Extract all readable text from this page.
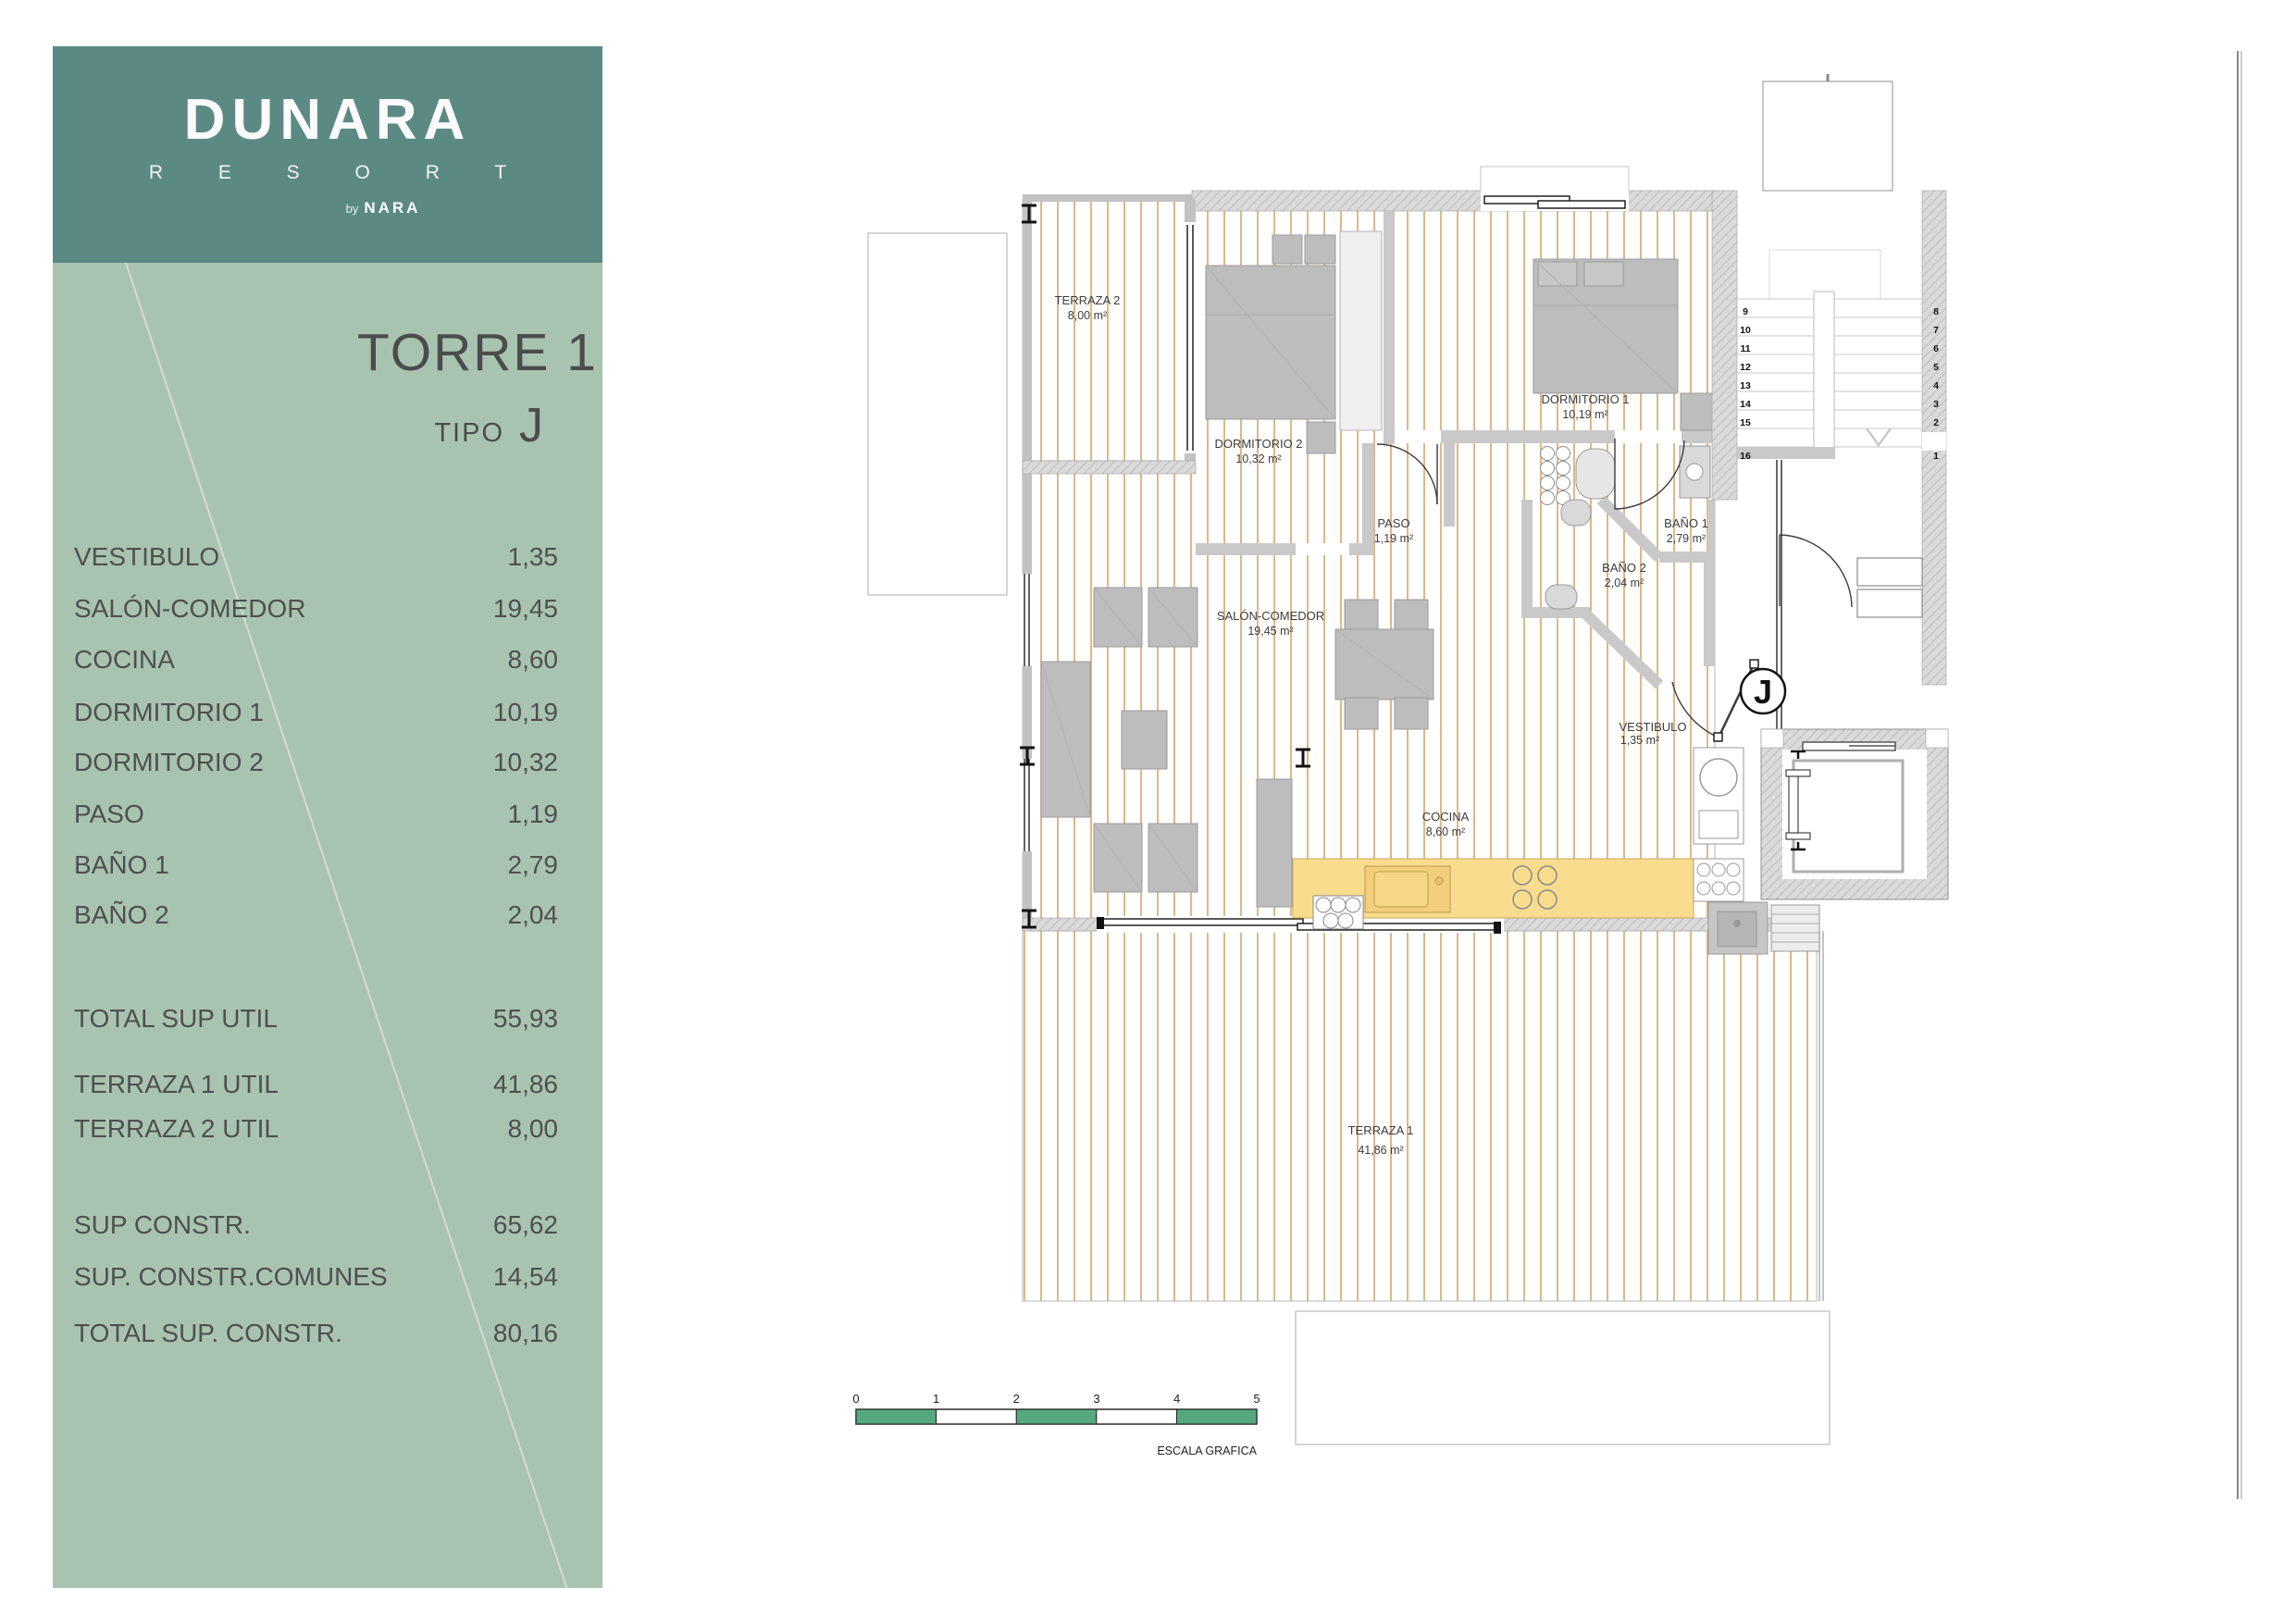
DUNARA
R E S O R T
by NARA
TORRE 1
TIPO J
VESTIBULO	1,35
SALÓN-COMEDOR	19,45
COCINA	8,60
DORMITORIO 1	10,19
DORMITORIO 2	10,32
PASO	1,19
BAÑO 1	2,79
BAÑO 2	2,04
TOTAL SUP UTIL	55,93
TERRAZA 1 UTIL	41,86
TERRAZA 2 UTIL	8,00
SUP CONSTR.	65,62
SUP. CONSTR.COMUNES	14,54
TOTAL SUP. CONSTR.	80,16
9
10
11
12
13
14
15
16
8
7
6
5
4
3
2
1
J
TERRAZA 2
8,00 m²
DORMITORIO 2
10,32 m²
DORMITORIO 1
10,19 m²
PASO
1,19 m²
BAÑO 1
2,79 m²
BAÑO 2
2,04 m²
SALÓN-COMEDOR
19,45 m²
COCINA
8,60 m²
VESTIBULO
1,35 m²
TERRAZA 1
41,86 m²
0	1	2	3	4	5
ESCALA GRAFICA
